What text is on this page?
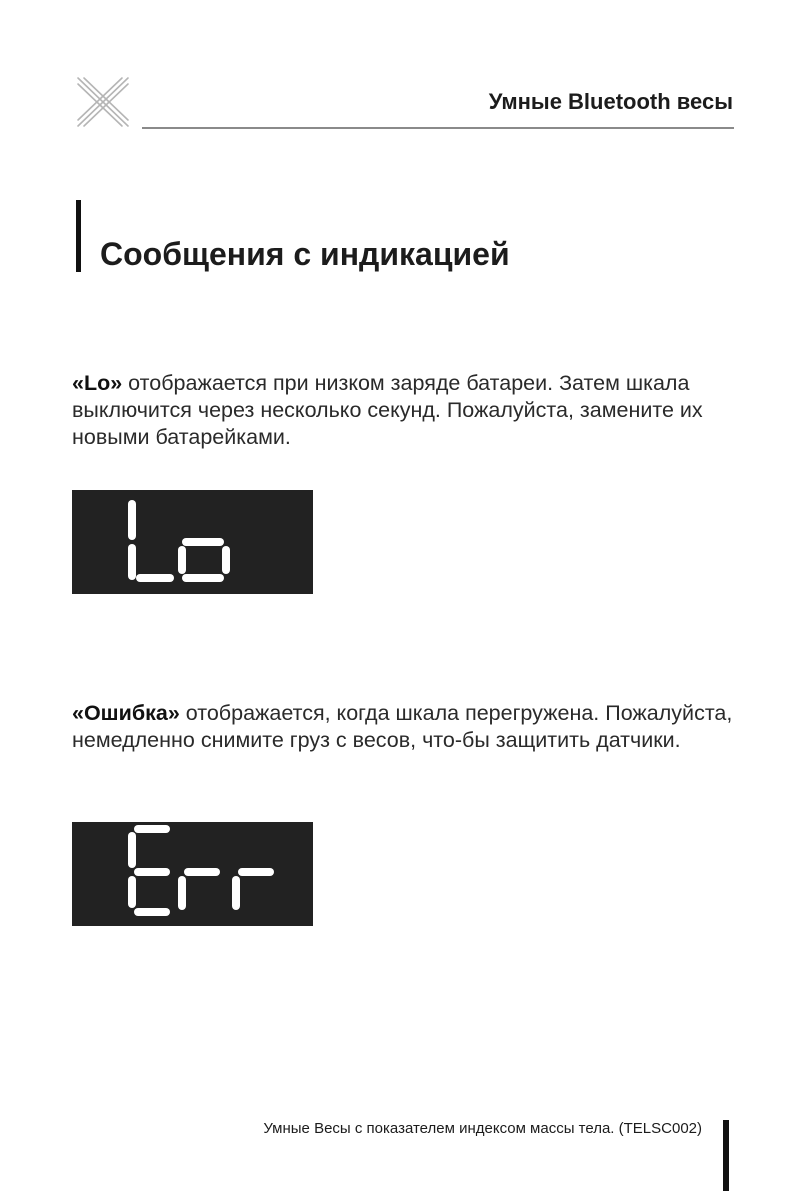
Умные Bluetooth весы
Сообщения с индикацией
«Lo» отображается при низком заряде батареи. Затем шкала выключится через несколько секунд. Пожалуйста, замените их новыми батарейками.
«Ошибка» отображается, когда шкала перегружена. Пожалуйста, немедленно снимите груз с весов, что-бы защитить датчики.
Умные Весы с показателем индексом массы тела. (TELSC002)
